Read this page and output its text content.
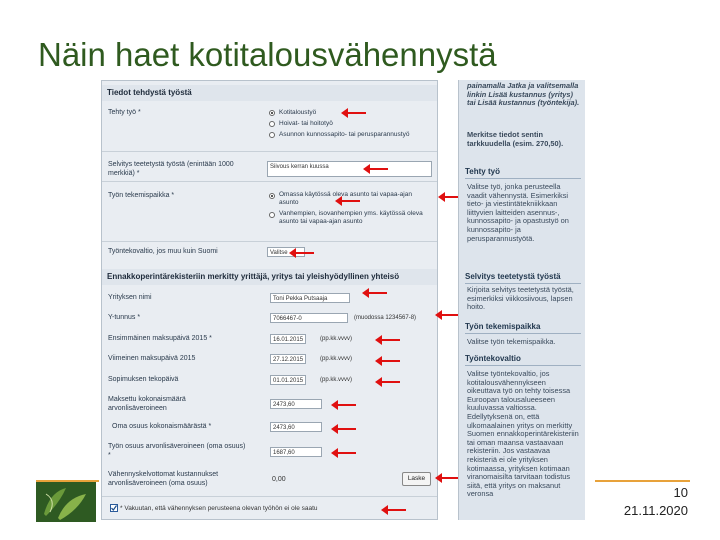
Näin haet kotitalousvähennystä
Tiedot tehdystä työstä
Tehty työ *	Kotitaloustyö
Hoivat- tai hoitotyö
Asunnon kunnossapito- tai perusparannustyö
Selvitys teetetystä työstä (enintään 1000 merkkiä) *
Siivous kerran kuussa
Työn tekemispaikka *	Omassa käytössä oleva asunto tai vapaa-ajan asunto
Vanhempien, isovanhempien yms. käytössä oleva asunto tai vapaa-ajan asunto
Työntekovaltio, jos muu kuin Suomi	Valitse
Ennakkoperintärekisteriin merkitty yrittäjä, yritys tai yleishyödyllinen yhteisö
Yrityksen nimi	Toni Pekka Putsaaja
Y-tunnus *	7066467-0	(muodossa 1234567-8)
Ensimmäinen maksupäivä 2015 *	16.01.2015	(pp.kk.vvvv)
Viimeinen maksupäivä 2015	27.12.2015	(pp.kk.vvvv)
Sopimuksen tekopäivä	01.01.2015	(pp.kk.vvvv)
Maksettu kokonaismäärä arvonlisäveroineen	2473,60
Oma osuus kokonaismäärästä *	2473,60
Työn osuus arvonlisäveroineen (oma osuus) *	1687,60
Vähennyskelvottomat kustannukset arvonlisäveroineen (oma osuus)
0,00	Laske
* Vakuutan, että vähennyksen perusteena olevan työhön ei ole saatu
painamalla Jatka ja valitsemalla linkin Lisää kustannus (yritys) tai Lisää kustannus (työntekija).
Merkitse tiedot sentin tarkkuudella (esim. 270,50).
Tehty työ
Valitse työ, jonka perusteella vaadit vähennystä. Esimerkiksi tieto- ja viestintätekniikkaan liittyvien laitteiden asennus-, kunnossapito- ja opastustyö on kunnossapito- ja perusparannustyötä.
Selvitys teetetystä työstä
Kirjoita selvitys teetetystä työstä, esimerkiksi viikkosiivous, lapsen hoito.
Työn tekemispaikka
Valitse työn tekemispaikka.
Työntekovaltio
Valitse työntekovaltio, jos kotitalousvähennykseen oikeuttava työ on tehty toisessa Euroopan talousalueeseen kuuluvassa valtiossa. Edellytyksenä on, että ulkomaalainen yritys on merkitty Suomen ennakkoperintärekisteriin tai oman maansa vastaavaan rekisteriin. Jos vastaavaa rekisteriä ei ole yrityksen kotimaassa, yrityksen kotimaan viranomaisilta tarvitaan todistus siitä, että yritys on maksanut veronsa	10
21.11.2020
